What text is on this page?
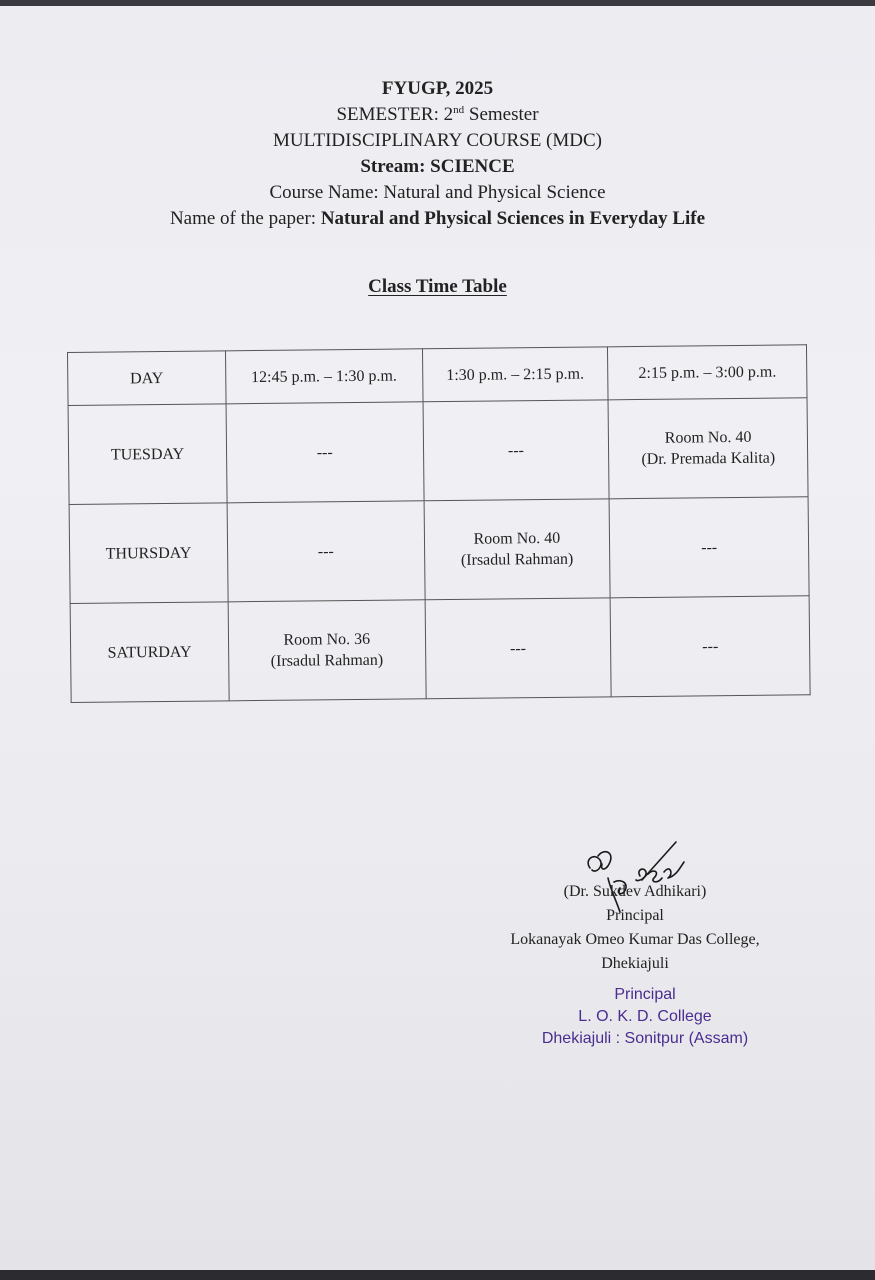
FYUGP, 2025
SEMESTER: 2nd Semester
MULTIDISCIPLINARY COURSE (MDC)
Stream: SCIENCE
Course Name: Natural and Physical Science
Name of the paper: Natural and Physical Sciences in Everyday Life
Class Time Table
DAY	12:45 p.m. – 1:30 p.m.	1:30 p.m. – 2:15 p.m.	2:15 p.m. – 3:00 p.m.
TUESDAY	---	---	Room No. 40
(Dr. Premada Kalita)

THURSDAY	---	Room No. 40
(Irsadul Rahman)	---

SATURDAY	Room No. 36
(Irsadul Rahman)	---	---
(Dr. Sukdev Adhikari)
Principal
Lokanayak Omeo Kumar Das College,
Dhekiajuli
Principal
L. O. K. D. College
Dhekiajuli : Sonitpur (Assam)
